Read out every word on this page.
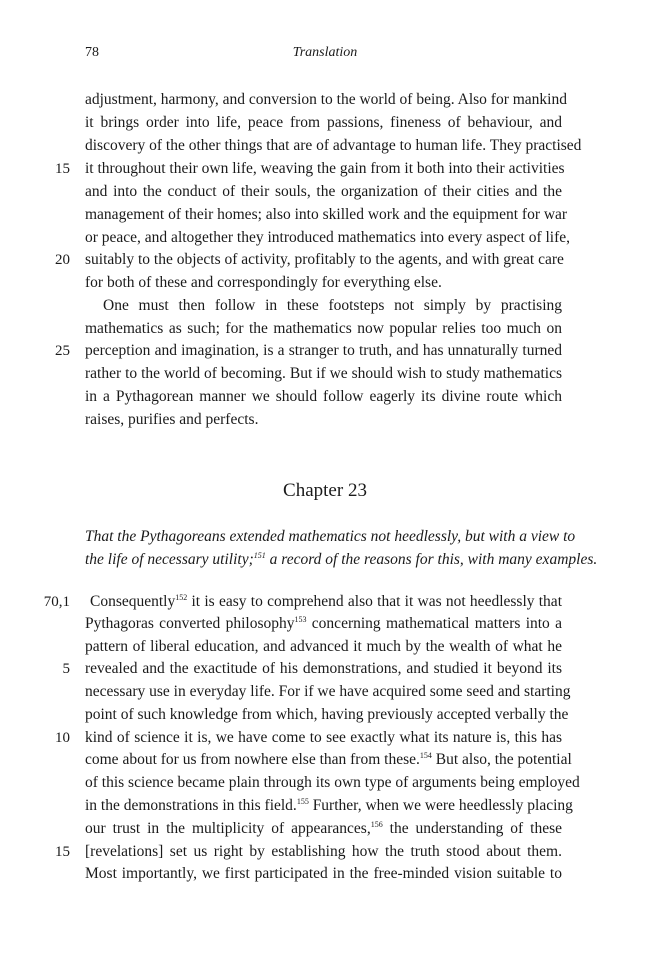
78	Translation
adjustment, harmony, and conversion to the world of being. Also for mankind
it brings order into life, peace from passions, fineness of behaviour, and
discovery of the other things that are of advantage to human life. They practised
15 it throughout their own life, weaving the gain from it both into their activities
and into the conduct of their souls, the organization of their cities and the
management of their homes; also into skilled work and the equipment for war
or peace, and altogether they introduced mathematics into every aspect of life,
20 suitably to the objects of activity, profitably to the agents, and with great care
for both of these and correspondingly for everything else.
One must then follow in these footsteps not simply by practising
mathematics as such; for the mathematics now popular relies too much on
25 perception and imagination, is a stranger to truth, and has unnaturally turned
rather to the world of becoming. But if we should wish to study mathematics
in a Pythagorean manner we should follow eagerly its divine route which
raises, purifies and perfects.
Chapter 23
That the Pythagoreans extended mathematics not heedlessly, but with a view to
the life of necessary utility;$^{151}$ a record of the reasons for this, with many examples.
70,1 Consequently$^{152}$ it is easy to comprehend also that it was not heedlessly that
Pythagoras converted philosophy$^{153}$ concerning mathematical matters into a
pattern of liberal education, and advanced it much by the wealth of what he
5 revealed and the exactitude of his demonstrations, and studied it beyond its
necessary use in everyday life. For if we have acquired some seed and starting
point of such knowledge from which, having previously accepted verbally the
10 kind of science it is, we have come to see exactly what its nature is, this has
come about for us from nowhere else than from these.$^{154}$ But also, the potential
of this science became plain through its own type of arguments being employed
in the demonstrations in this field.$^{155}$ Further, when we were heedlessly placing
our trust in the multiplicity of appearances,$^{156}$ the understanding of these
15 [revelations] set us right by establishing how the truth stood about them.
Most importantly, we first participated in the free-minded vision suitable to
